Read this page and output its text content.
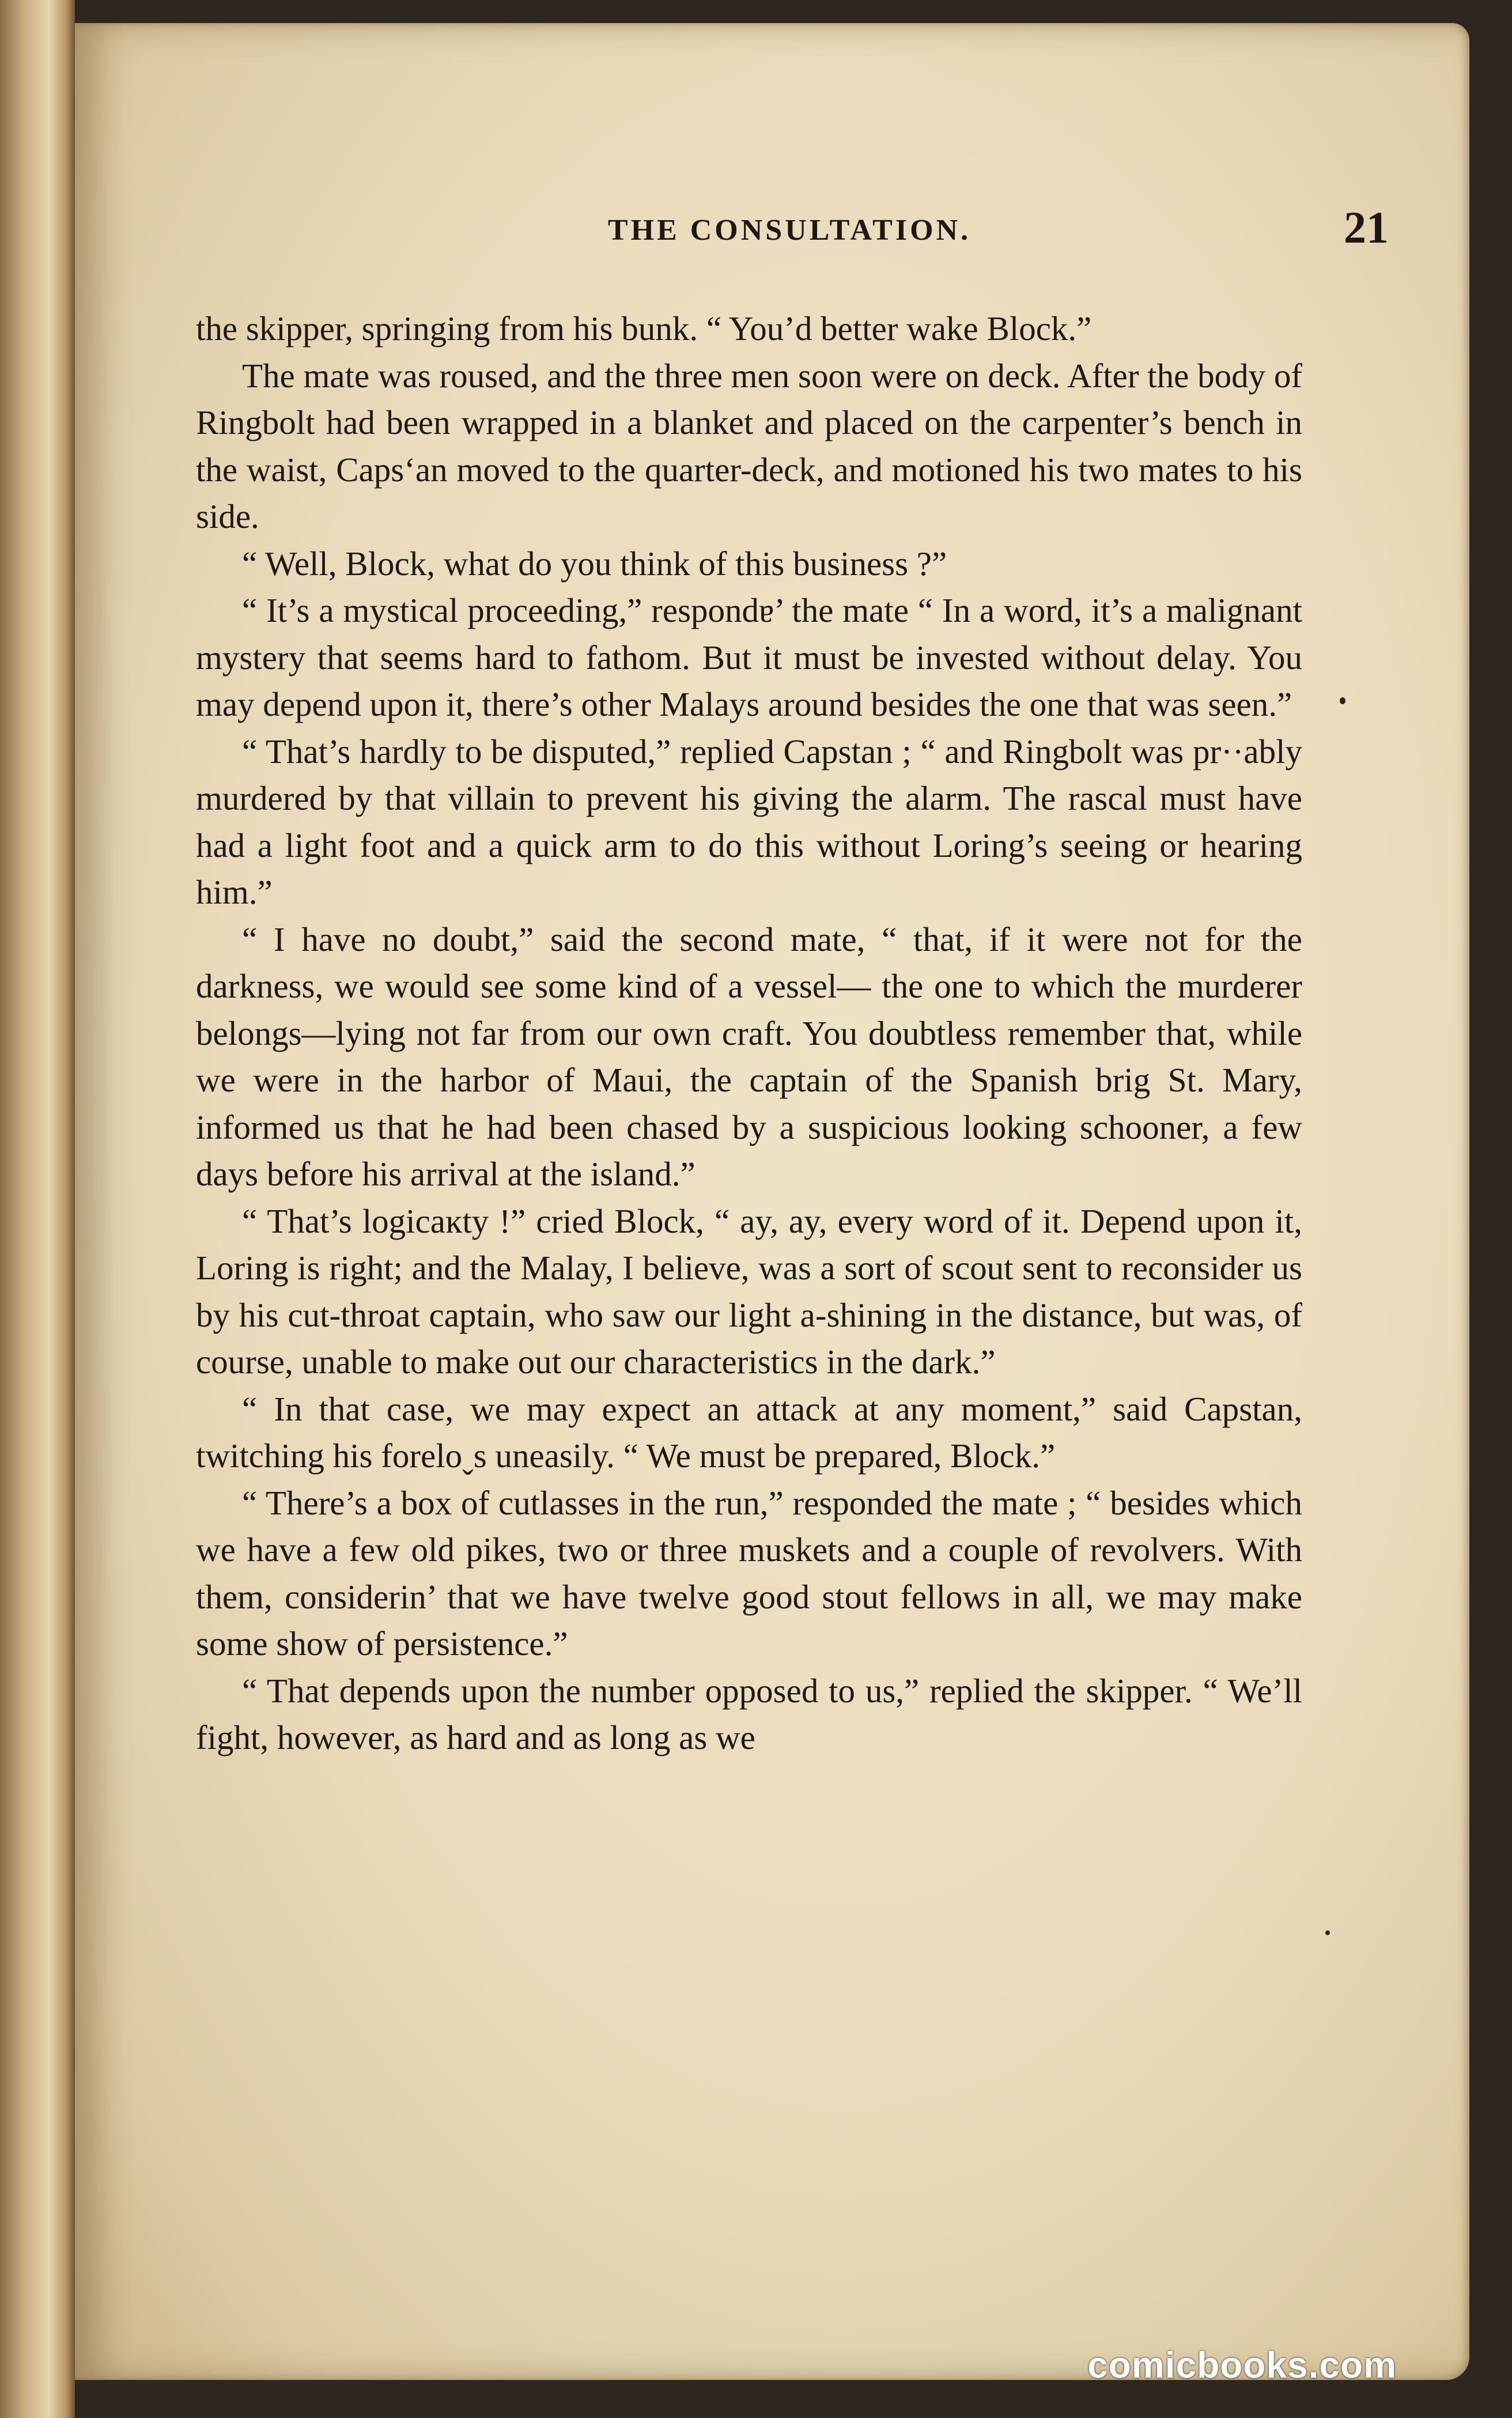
THE CONSULTATION.	21

the skipper, springing from his bunk. “ You’d better wake Block.”

The mate was roused, and the three men soon were on deck. After the body of Ringbolt had been wrapped in a blanket and placed on the carpenter’s bench in the waist, Caps‘an moved to the quarter-deck, and motioned his two mates to his side.

“ Well, Block, what do you think of this business ?”

“ It’s a mystical proceeding,” respondɐ’ the mate “ In a word, it’s a malignant mystery that seems hard to fathom. But it must be invested without delay. You may depend upon it, there’s other Malays around besides the one that was seen.”

“ That’s hardly to be disputed,” replied Capstan ; “ and Ringbolt was pr··ably murdered by that villain to prevent his giving the alarm. The rascal must have had a light foot and a quick arm to do this without Loring’s seeing or hearing him.”

“ I have no doubt,” said the second mate, “ that, if it were not for the darkness, we would see some kind of a vessel— the one to which the murderer belongs—lying not far from our own craft. You doubtless remember that, while we were in the harbor of Maui, the captain of the Spanish brig St. Mary, informed us that he had been chased by a suspicious looking schooner, a few days before his arrival at the island.”

“ That’s logicaĸty !” cried Block, “ ay, ay, every word of it. Depend upon it, Loring is right; and the Malay, I believe, was a sort of scout sent to reconsider us by his cut-throat captain, who saw our light a-shining in the distance, but was, of course, unable to make out our characteristics in the dark.”

“ In that case, we may expect an attack at any moment,” said Capstan, twitching his foreloˬs uneasily. “ We must be prepared, Block.”

“ There’s a box of cutlasses in the run,” responded the mate ; “ besides which we have a few old pikes, two or three muskets and a couple of revolvers. With them, considerin’ that we have twelve good stout fellows in all, we may make some show of persistence.”

“ That depends upon the number opposed to us,” replied the skipper. “ We’ll fight, however, as hard and as long as we

comicbooks.com
